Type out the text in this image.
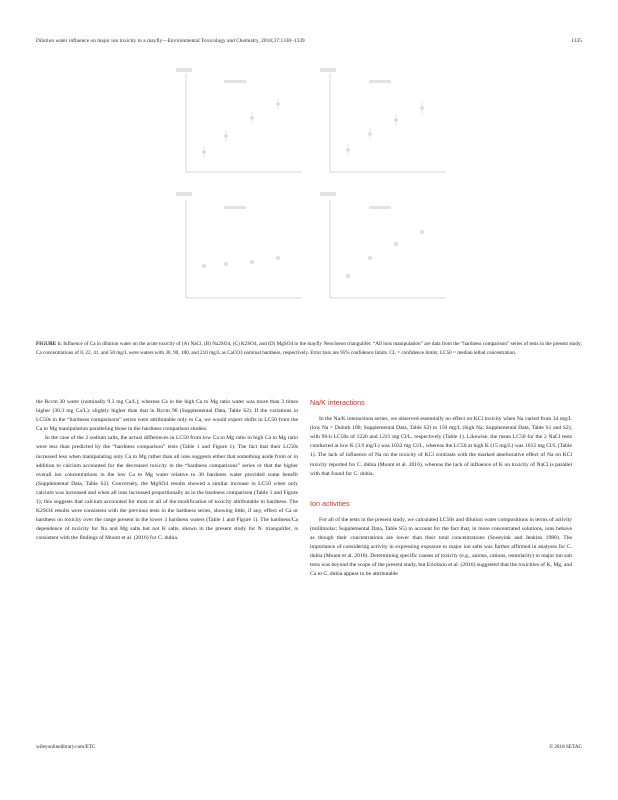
Dilution water influence on major ion toxicity to a mayfly—Environmental Toxicology and Chemistry, 2018;37:1330–1339	1335
FIGURE 1: Influence of Ca in dilution water on the acute toxicity of (A) NaCl, (B) Na2SO4, (C) K2SO4, and (D) MgSO4 to the mayfly Neocloeon triangulifer. “All ions manipulation” are data from the “hardness comparison” series of tests in the present study; Ca concentrations of 8, 22, 41, and 58 mg/L were waters with 30, 90, 180, and 210 mg/L as CaCO3 nominal hardness, respectively. Error bars are 95% confidence limits. CL = confidence limits; LC50 = median lethal concentration.

the Rccm 30 water (nominally 9.3 mg Ca/L), whereas Ca in the high Ca to Mg ratio water was more than 3 times higher (30.3 mg Ca/L); slightly higher than that in Rccm 90 (Supplemental Data, Table S2). If the variations in LC50s in the “hardness comparisons” series were attributable only to Ca, we would expect shifts in LC50 from the Ca to Mg manipulation paralleling those in the hardness comparison studies.

In the case of the 2 sodium salts, the actual differences in LC50 from low Ca to Mg ratio to high Ca to Mg ratio were less than predicted by the “hardness comparison” tests (Table 1 and Figure 1). The fact that their LC50s increased less when manipulating only Ca to Mg rather than all ions suggests either that something aside from or in addition to calcium accounted for the decreased toxicity in the “hardness comparisons” series or that the higher overall ion concentrations in the low Ca to Mg water relative to 30 hardness water provided some benefit (Supplemental Data, Table S2). Conversely, the MgSO4 results showed a similar increase in LC50 when only calcium was increased and when all ions increased proportionally as in the hardness comparison (Table 1 and Figure 1); this suggests that calcium accounted for most or all of the modification of toxicity attributable to hardness. The K2SO4 results were consistent with the previous tests in the hardness series, showing little, if any, effect of Ca or hardness on toxicity over the range present in the lower 3 hardness waters (Table 1 and Figure 1). The hardness/Ca dependence of toxicity for Na and Mg salts but not K salts, shown in the present study for N. triangulifer, is consistent with the findings of Mount et al. (2016) for C. dubia.

Na/K interactions

In the Na/K interactions series, we observed essentially no effect on KCl toxicity when Na varied from 34 mg/L (low Na = Duluth 100; Supplemental Data, Table S2) to 150 mg/L (high Na; Supplemental Data, Table S1 and S2), with 96-h LC50s of 1226 and 1221 mg Cl/L, respectively (Table 1). Likewise, the mean LC50 for the 2 NaCl tests conducted at low K (3.9 mg/L) was 1032 mg Cl/L, whereas the LC50 at high K (15 mg/L) was 1012 mg Cl/L (Table 1). The lack of influence of Na on the toxicity of KCl contrasts with the marked ameliorative effect of Na on KCl toxicity reported for C. dubia (Mount et al. 2016), whereas the lack of influence of K on toxicity of NaCl is parallel with that found for C. dubia.

Ion activities

For all of the tests in the present study, we calculated LC50s and dilution water compositions in terms of activity (millimolar; Supplemental Data, Table S5) to account for the fact that, in more concentrated solutions, ions behave as though their concentrations are lower than their total concentrations (Snoeyink and Jenkins 1980). The importance of considering activity in expressing exposure to major ion salts was further affirmed in analyses for C. dubia (Mount et al. 2016). Determining specific causes of toxicity (e.g., anions, cations, osmolarity) in major ion salt tests was beyond the scope of the present study, but Erickson et al. (2016) suggested that the toxicities of K, Mg, and Ca to C. dubia appear to be attributable

wileyonlinelibrary.com/ETC	© 2018 SETAC
